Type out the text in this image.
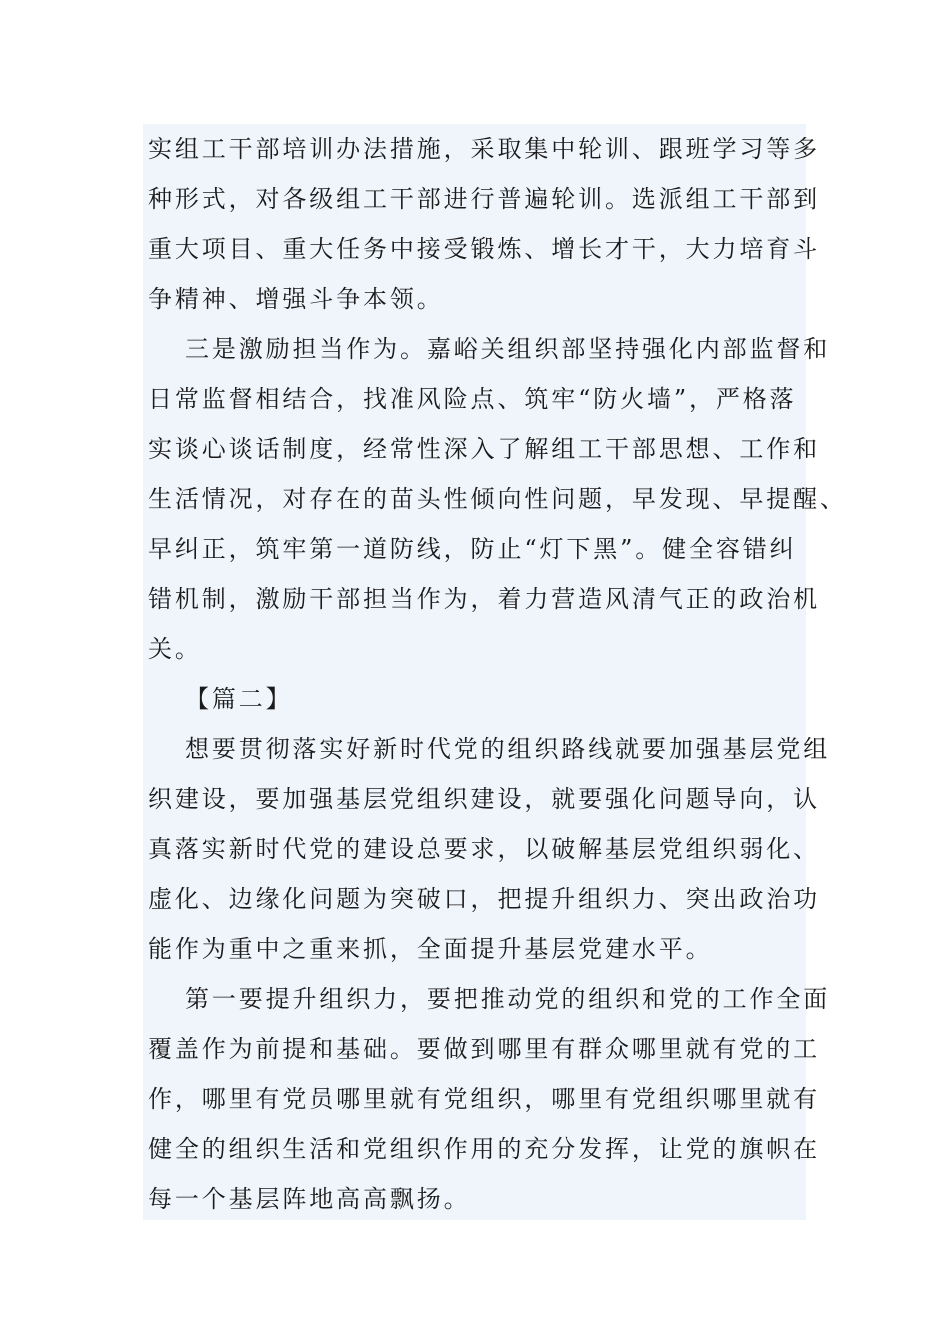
实组工干部培训办法措施，采取集中轮训、跟班学习等多
种形式，对各级组工干部进行普遍轮训。选派组工干部到
重大项目、重大任务中接受锻炼、增长才干，大力培育斗
争精神、增强斗争本领。
三是激励担当作为。嘉峪关组织部坚持强化内部监督和
日常监督相结合，找准风险点、筑牢“防火墙”，严格落
实谈心谈话制度，经常性深入了解组工干部思想、工作和
生活情况，对存在的苗头性倾向性问题，早发现、早提醒、
早纠正，筑牢第一道防线，防止“灯下黑”。健全容错纠
错机制，激励干部担当作为，着力营造风清气正的政治机
关。
【篇二】
想要贯彻落实好新时代党的组织路线就要加强基层党组
织建设，要加强基层党组织建设，就要强化问题导向，认
真落实新时代党的建设总要求，以破解基层党组织弱化、
虚化、边缘化问题为突破口，把提升组织力、突出政治功
能作为重中之重来抓，全面提升基层党建水平。
第一要提升组织力，要把推动党的组织和党的工作全面
覆盖作为前提和基础。要做到哪里有群众哪里就有党的工
作，哪里有党员哪里就有党组织，哪里有党组织哪里就有
健全的组织生活和党组织作用的充分发挥，让党的旗帜在
每一个基层阵地高高飘扬。
